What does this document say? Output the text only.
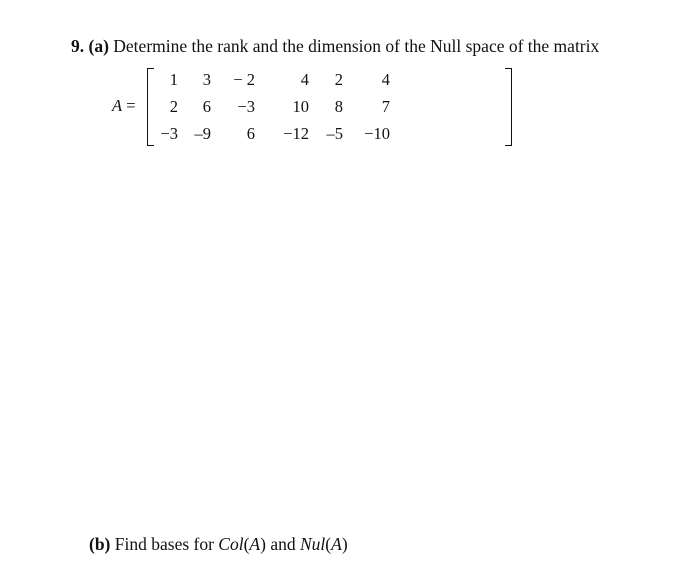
9. (a) Determine the rank and the dimension of the Null space of the matrix
A =
1 3 − 2	4 2 4
2 6 −3 10 8 7
−3 –9 6 −12 –5 −10
(b) Find bases for Col(A) and Nul(A)
